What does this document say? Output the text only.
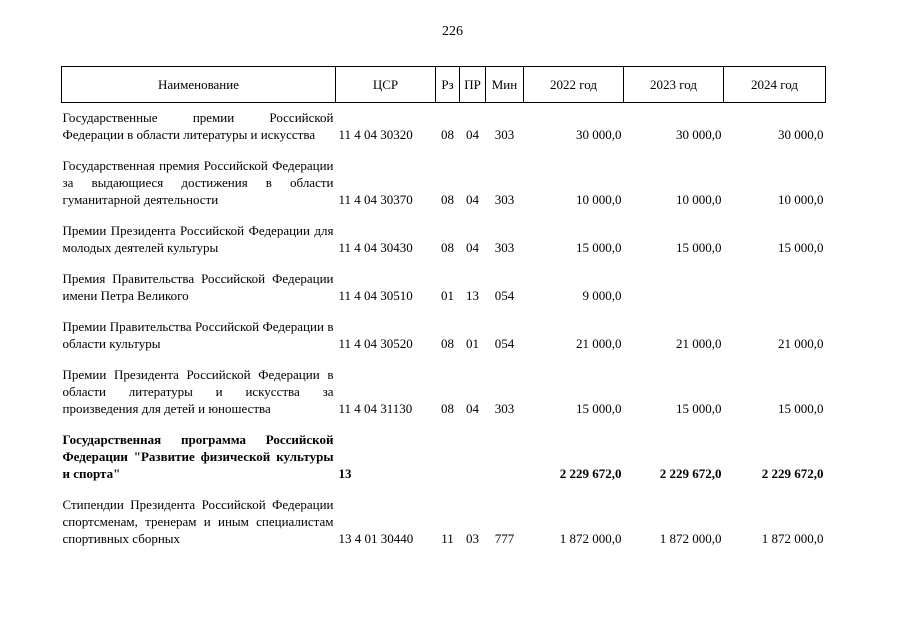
226
Наименование	ЦСР	Рз	ПР	Мин	2022 год	2023 год	2024 год
Государственные премии Российской Федерации в области литературы и искусства	11 4 04 30320	08	04	303	30 000,0	30 000,0	30 000,0
Государственная премия Российской Федерации за выдающиеся достижения в области гуманитарной деятельности	11 4 04 30370	08	04	303	10 000,0	10 000,0	10 000,0
Премии Президента Российской Федерации для молодых деятелей культуры	11 4 04 30430	08	04	303	15 000,0	15 000,0	15 000,0
Премия Правительства Российской Федерации имени Петра Великого	11 4 04 30510	01	13	054	9 000,0		
Премии Правительства Российской Федерации в области культуры	11 4 04 30520	08	01	054	21 000,0	21 000,0	21 000,0
Премии Президента Российской Федерации в области литературы и искусства за произведения для детей и юношества	11 4 04 31130	08	04	303	15 000,0	15 000,0	15 000,0
Государственная программа Российской Федерации "Развитие физической культуры и спорта"	13				2 229 672,0	2 229 672,0	2 229 672,0
Стипендии Президента Российской Федерации спортсменам, тренерам и иным специалистам спортивных сборных	13 4 01 30440	11	03	777	1 872 000,0	1 872 000,0	1 872 000,0
